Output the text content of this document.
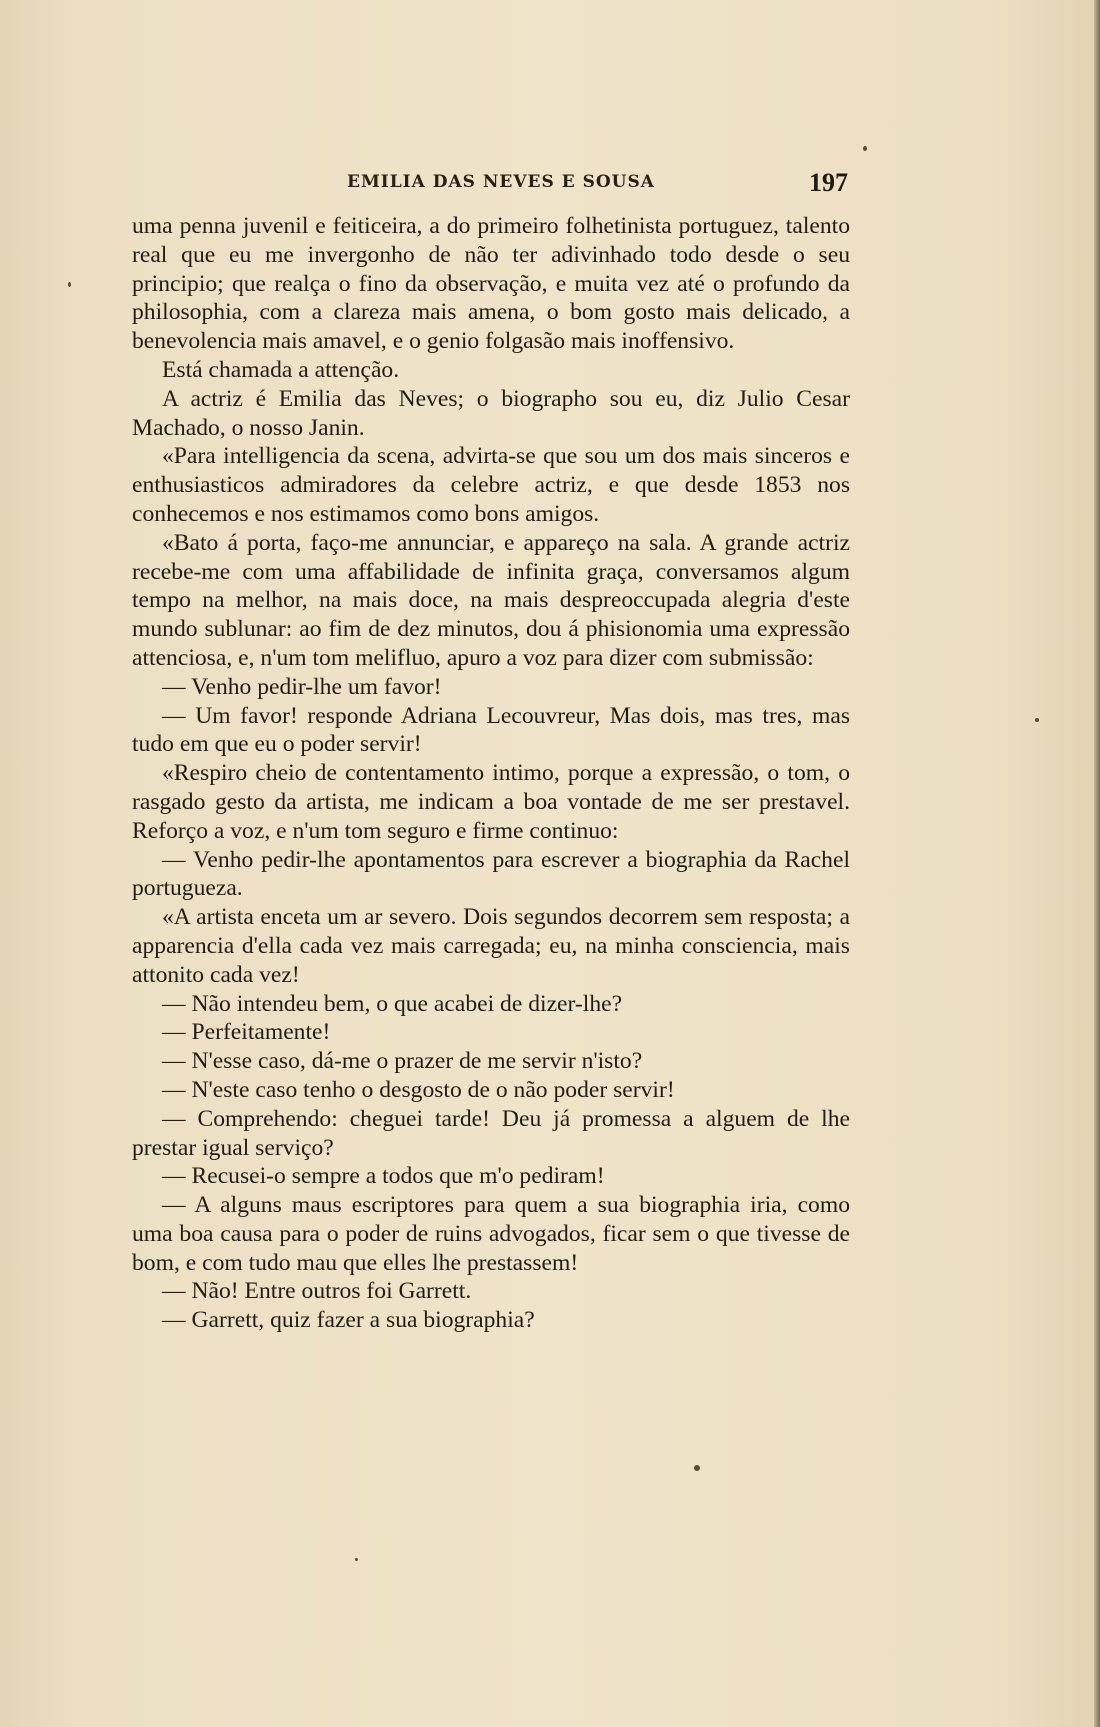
EMILIA DAS NEVES E SOUSA	197

uma penna juvenil e feiticeira, a do primeiro folhetinista portuguez, talento real que eu me invergonho de não ter adivinhado todo desde o seu principio; que realça o fino da observação, e muita vez até o profundo da philosophia, com a clareza mais amena, o bom gosto mais delicado, a benevolencia mais amavel, e o genio folgasão mais inoffensivo.

Está chamada a attenção.

A actriz é Emilia das Neves; o biographo sou eu, diz Julio Cesar Machado, o nosso Janin.

«Para intelligencia da scena, advirta-se que sou um dos mais sinceros e enthusiasticos admiradores da celebre actriz, e que desde 1853 nos conhecemos e nos estimamos como bons amigos.

«Bato á porta, faço-me annunciar, e appareço na sala. A grande actriz recebe-me com uma affabilidade de infinita graça, conversamos algum tempo na melhor, na mais doce, na mais despreoccupada alegria d'este mundo sublunar: ao fim de dez minutos, dou á phisionomia uma expressão attenciosa, e, n'um tom melifluo, apuro a voz para dizer com submissão:

— Venho pedir-lhe um favor!

— Um favor! responde Adriana Lecouvreur, Mas dois, mas tres, mas tudo em que eu o poder servir!

«Respiro cheio de contentamento intimo, porque a expressão, o tom, o rasgado gesto da artista, me indicam a boa vontade de me ser prestavel. Reforço a voz, e n'um tom seguro e firme continuo:

— Venho pedir-lhe apontamentos para escrever a biographia da Rachel portugueza.

«A artista enceta um ar severo. Dois segundos decorrem sem resposta; a apparencia d'ella cada vez mais carregada; eu, na minha consciencia, mais attonito cada vez!

— Não intendeu bem, o que acabei de dizer-lhe?

— Perfeitamente!

— N'esse caso, dá-me o prazer de me servir n'isto?

— N'este caso tenho o desgosto de o não poder servir!

— Comprehendo: cheguei tarde! Deu já promessa a alguem de lhe prestar igual serviço?

— Recusei-o sempre a todos que m'o pediram!

— A alguns maus escriptores para quem a sua biographia iria, como uma boa causa para o poder de ruins advogados, ficar sem o que tivesse de bom, e com tudo mau que elles lhe prestassem!

— Não! Entre outros foi Garrett.

— Garrett, quiz fazer a sua biographia?
